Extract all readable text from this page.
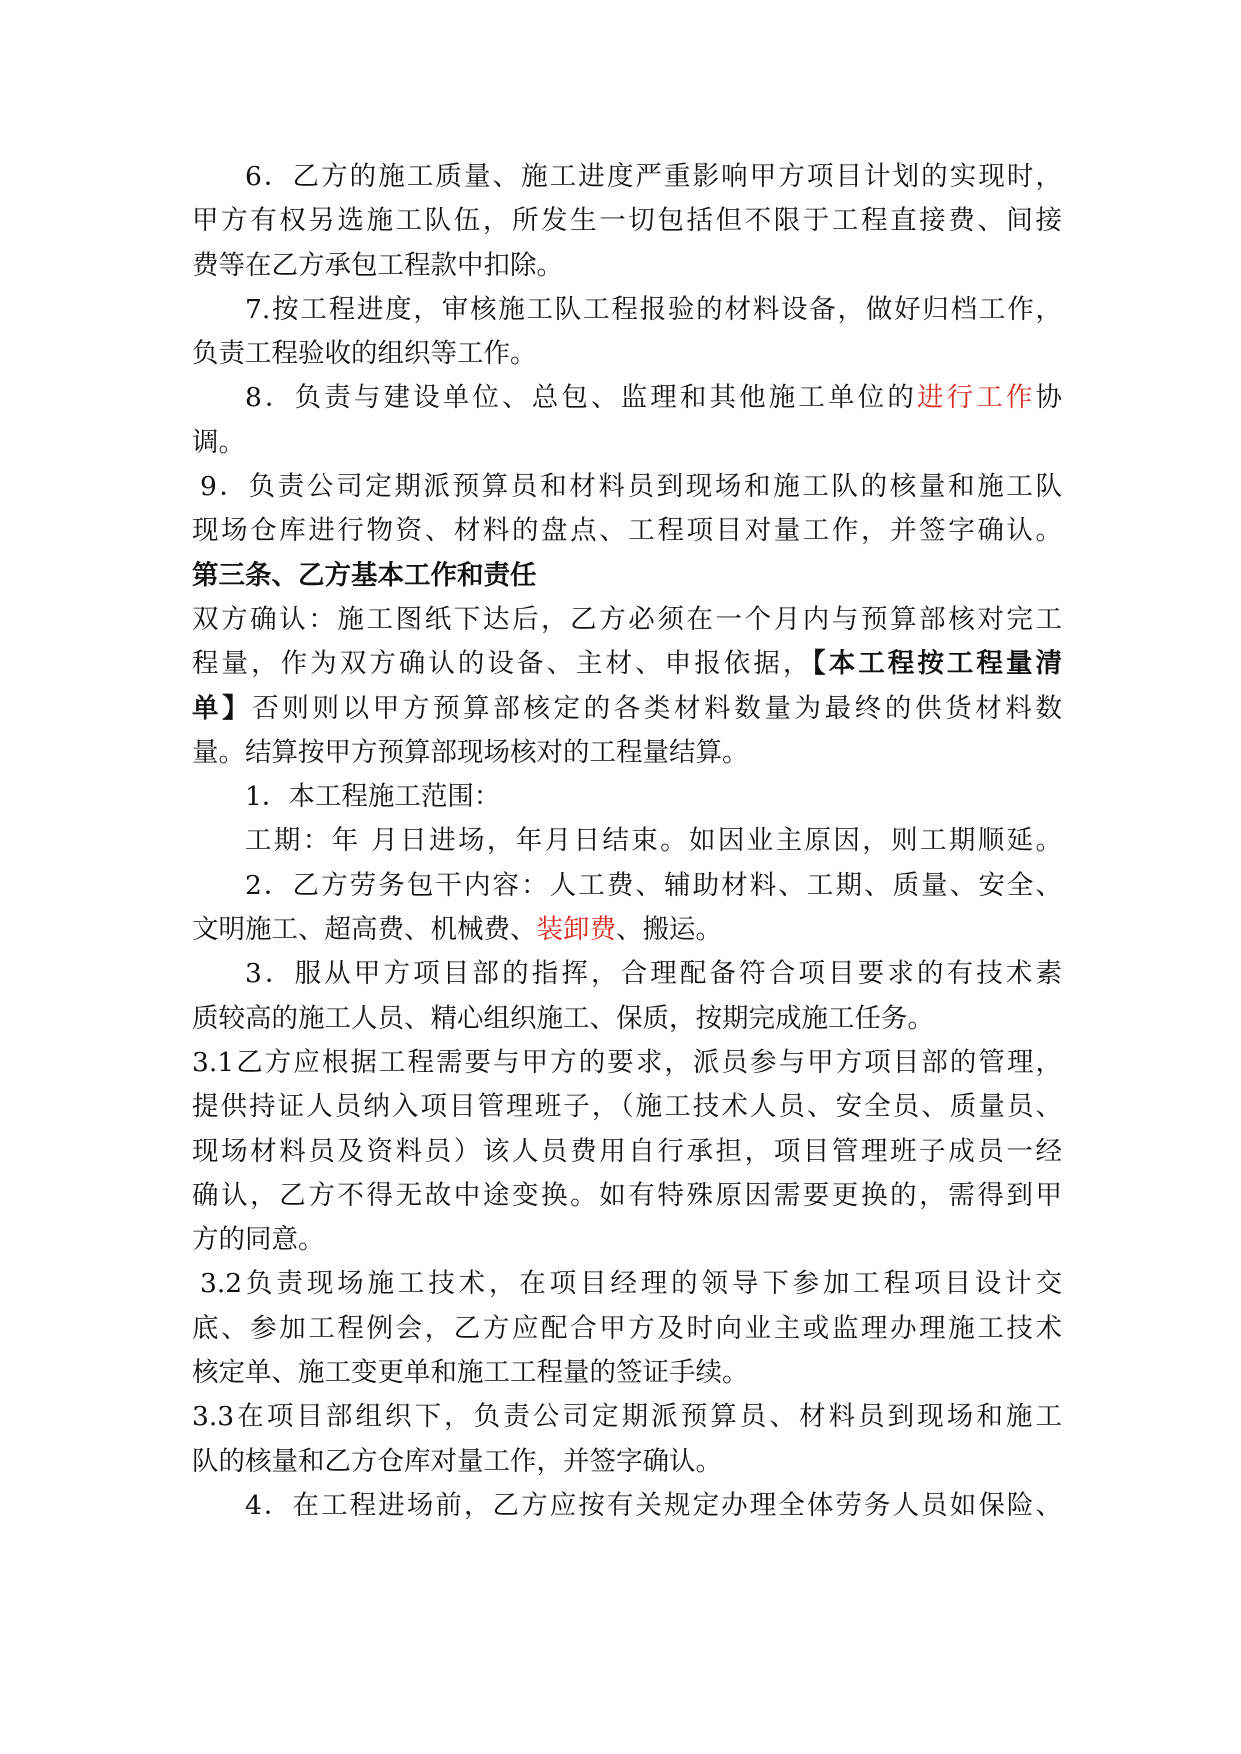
6．乙方的施工质量、施工进度严重影响甲方项目计划的实现时，
甲方有权另选施工队伍，所发生一切包括但不限于工程直接费、间接
费等在乙方承包工程款中扣除。
7.按工程进度，审核施工队工程报验的材料设备，做好归档工作，
负责工程验收的组织等工作。
8．负责与建设单位、总包、监理和其他施工单位的进行工作协
调。
9．负责公司定期派预算员和材料员到现场和施工队的核量和施工队
现场仓库进行物资、材料的盘点、工程项目对量工作，并签字确认。
第三条、乙方基本工作和责任
双方确认：施工图纸下达后，乙方必须在一个月内与预算部核对完工
程量，作为双方确认的设备、主材、申报依据，【本工程按工程量清
单】否则则以甲方预算部核定的各类材料数量为最终的供货材料数
量。结算按甲方预算部现场核对的工程量结算。
1．本工程施工范围：
工期：年 月日进场，年月日结束。如因业主原因，则工期顺延。
2．乙方劳务包干内容：人工费、辅助材料、工期、质量、安全、
文明施工、超高费、机械费、装卸费、搬运。
3．服从甲方项目部的指挥，合理配备符合项目要求的有技术素
质较高的施工人员、精心组织施工、保质，按期完成施工任务。
3.1乙方应根据工程需要与甲方的要求，派员参与甲方项目部的管理，
提供持证人员纳入项目管理班子，（施工技术人员、安全员、质量员、
现场材料员及资料员）该人员费用自行承担，项目管理班子成员一经
确认，乙方不得无故中途变换。如有特殊原因需要更换的，需得到甲
方的同意。
3.2负责现场施工技术，在项目经理的领导下参加工程项目设计交
底、参加工程例会，乙方应配合甲方及时向业主或监理办理施工技术
核定单、施工变更单和施工工程量的签证手续。
3.3在项目部组织下，负责公司定期派预算员、材料员到现场和施工
队的核量和乙方仓库对量工作，并签字确认。
4．在工程进场前，乙方应按有关规定办理全体劳务人员如保险、
